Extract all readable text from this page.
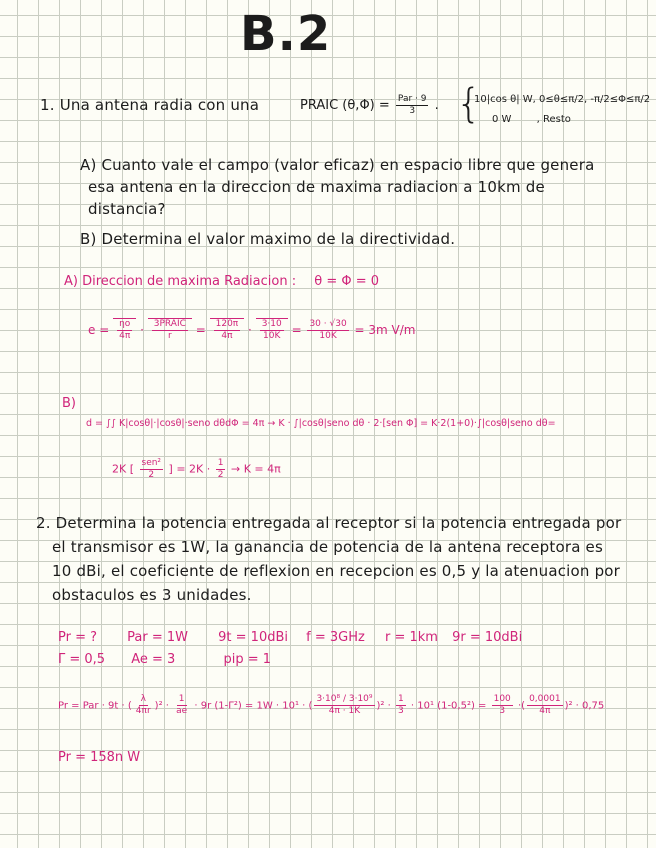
B.2
1. Una antena radia con una	PRAIC $(\theta,\Phi) = \frac{\text{Par · 9}}{3}$ . {
10|cos θ| W, 0≤θ≤π/2, -π/2≤Φ≤π/2
0 W	, Resto
A) Cuanto vale el campo (valor eficaz) en espacio libre que genera
esa antena en la direccion de maxima radiacion a 10km de
distancia?
B) Determina el valor maximo de la directividad.
A) Direccion de maxima Radiacion : θ = Φ = 0
$e = \frac{ƞo}{4\pi} \cdot \frac{\text{3PRAIC}}{r} = \frac{120\pi}{4\pi} \cdot \frac{3\cdot 10}{10K} = \frac{30 \cdot √30}{10K} = 3m$ V/m
B)
d = ∫∫ K|cosθ|·|cosθ|·seno dθdΦ = 4π → K · ∫|cosθ|seno dθ · 2·[sen Φ] = K·2(1+0)·∫|cosθ|seno dθ=
2K [ $\frac{\text{sen²}}{2}$ ] = $2K \cdot \frac{1}{2} \to K = 4\pi$
2. Determina la potencia entregada al receptor si la potencia entregada por
el transmisor es 1W, la ganancia de potencia de la antena receptora es
10 dBi, el coeficiente de reflexion en recepcion es 0,5 y la atenuacion por
obstaculos es 3 unidades.
Pr = ? Par = 1W 9t = 10dBi f = 3GHz r = 1km 9r = 10dBi
Γ = 0,5 Ae = 3	pip = 1
Pr = Par · 9t · ( $\frac{\lambda}{4\pi r} )^2 \cdot \frac{1}{ae} \cdot 9r$ (1-Γ²) = 1W · 10¹ · ( $\frac{\text{3·10⁸ / 3·10⁹}}{4\pi \cdot 1K} )^2 \cdot \frac{1}{3} \cdot 10^1$ $(1-0,5^2) = \frac{100}{3}$ ·( $\frac{0,0001}{4\pi} )^2 \cdot 0,75$
Pr = 158n W
